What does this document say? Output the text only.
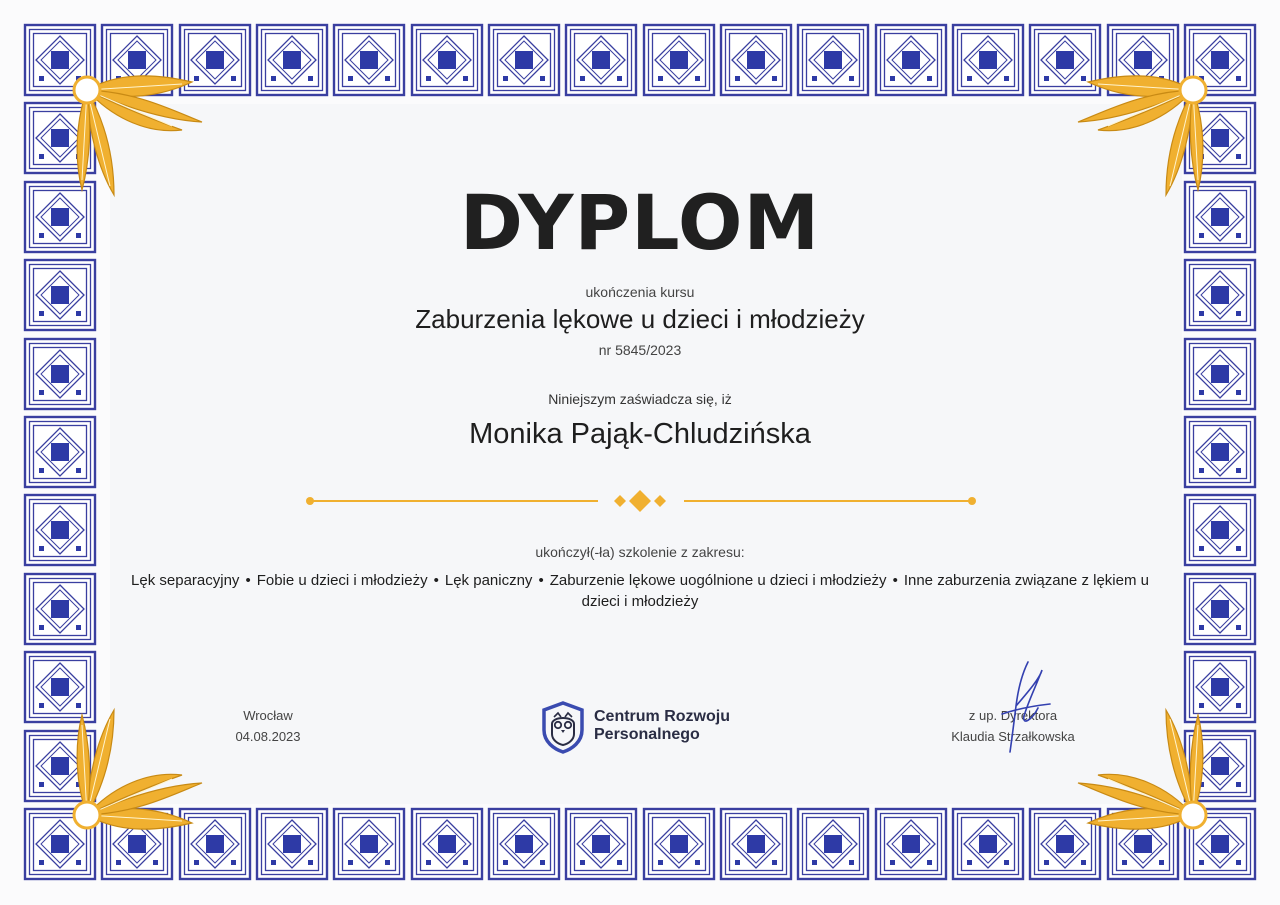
DYPLOM
ukończenia kursu
Zaburzenia lękowe u dzieci i młodzieży
nr 5845/2023
Niniejszym zaświadcza się, iż
Monika Pająk-Chludzińska
ukończył(-ła) szkolenie z zakresu:
Lęk separacyjny • Fobie u dzieci i młodzieży • Lęk paniczny • Zaburzenie lękowe uogólnione u dzieci i młodzieży • Inne zaburzenia związane z lękiem u dzieci i młodzieży
Wrocław
04.08.2023
Centrum Rozwoju
Personalnego
z up. Dyrektora
Klaudia Strzałkowska
